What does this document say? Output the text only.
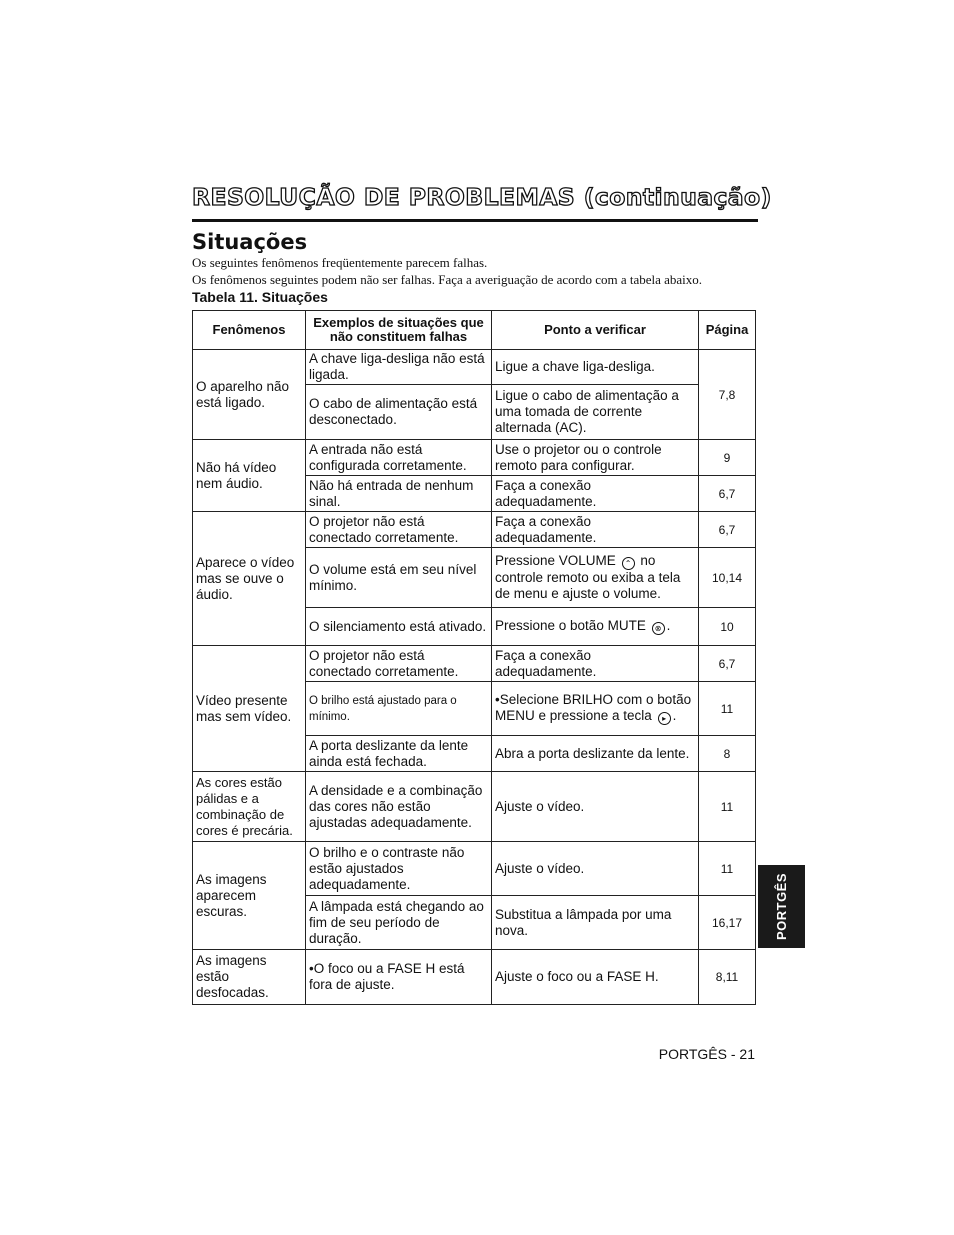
RESOLUÇÃO DE PROBLEMAS (continuação)
Situações
Os seguintes fenômenos freqüentemente parecem falhas.
Os fenômenos seguintes podem não ser falhas. Faça a averiguação de acordo com a tabela abaixo.
Tabela 11. Situações
Fenômenos	Exemplos de situações que não constituem falhas	Ponto a verificar	Página
O aparelho não está ligado.	A chave liga-desliga não está ligada.	Ligue a chave liga-desliga.	7,8
	O cabo de alimentação está desconectado.	Ligue o cabo de alimentação a uma tomada de corrente alternada (AC).	
Não há vídeo nem áudio.	A entrada não está configurada corretamente.	Use o projetor ou o controle remoto para configurar.	9
	Não há entrada de nenhum sinal.	Faça a conexão adequadamente.	6,7
Aparece o vídeo mas se ouve o áudio.	O projetor não está conectado corretamente.	Faça a conexão adequadamente.	6,7
	O volume está em seu nível mínimo.	Pressione VOLUME ⌃ no controle remoto ou exiba a tela de menu e ajuste o volume.	10,14
	O silenciamento está ativado.	Pressione o botão MUTE ⊗ .	10
Vídeo presente mas sem vídeo.	O projetor não está conectado corretamente.	Faça a conexão adequadamente.	6,7
	O brilho está ajustado para o mínimo.	•Selecione BRILHO com o botão MENU e pressione a tecla ▸ .	11
	A porta deslizante da lente ainda está fechada.	Abra a porta deslizante da lente.	8
As cores estão pálidas e a combinação de cores é precária.	A densidade e a combinação das cores não estão ajustadas adequadamente.	Ajuste o vídeo.	11
As imagens aparecem escuras.	O brilho e o contraste não estão ajustados adequadamente.	Ajuste o vídeo.	11
	A lâmpada está chegando ao fim de seu período de duração.	Substitua a lâmpada por uma nova.	16,17
As imagens estão desfocadas.	•O foco ou a FASE H está fora de ajuste.	Ajuste o foco ou a FASE H.	8,11
PORTGÊS
PORTGÊS - 21
